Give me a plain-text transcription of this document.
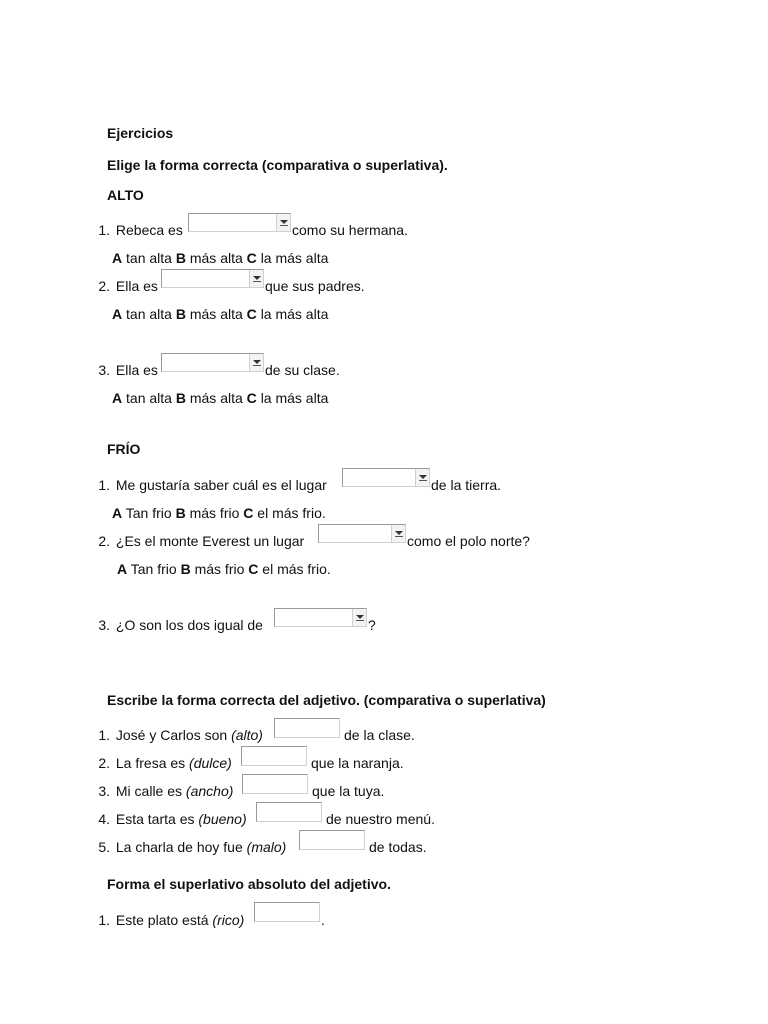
Ejercicios
Elige la forma correcta (comparativa o superlativa).
ALTO
1. Rebeca es	como su hermana.
A tan alta B más alta C la más alta
2. Ella es	que sus padres.
A tan alta B más alta C la más alta
3. Ella es	de su clase.
A tan alta B más alta C la más alta
FRÍO
1. Me gustaría saber cuál es el lugar	de la tierra.
A Tan frio B más frio C el más frio.
2. ¿Es el monte Everest un lugar	como el polo norte?
A Tan frio B más frio C el más frio.
3. ¿O son los dos igual de	?
Escribe la forma correcta del adjetivo. (comparativa o superlativa)
1. José y Carlos son (alto)	de la clase.
2. La fresa es (dulce)	que la naranja.
3. Mi calle es (ancho)	que la tuya.
4. Esta tarta es (bueno)	de nuestro menú.
5. La charla de hoy fue (malo)	de todas.
Forma el superlativo absoluto del adjetivo.
1. Este plato está (rico)	.
